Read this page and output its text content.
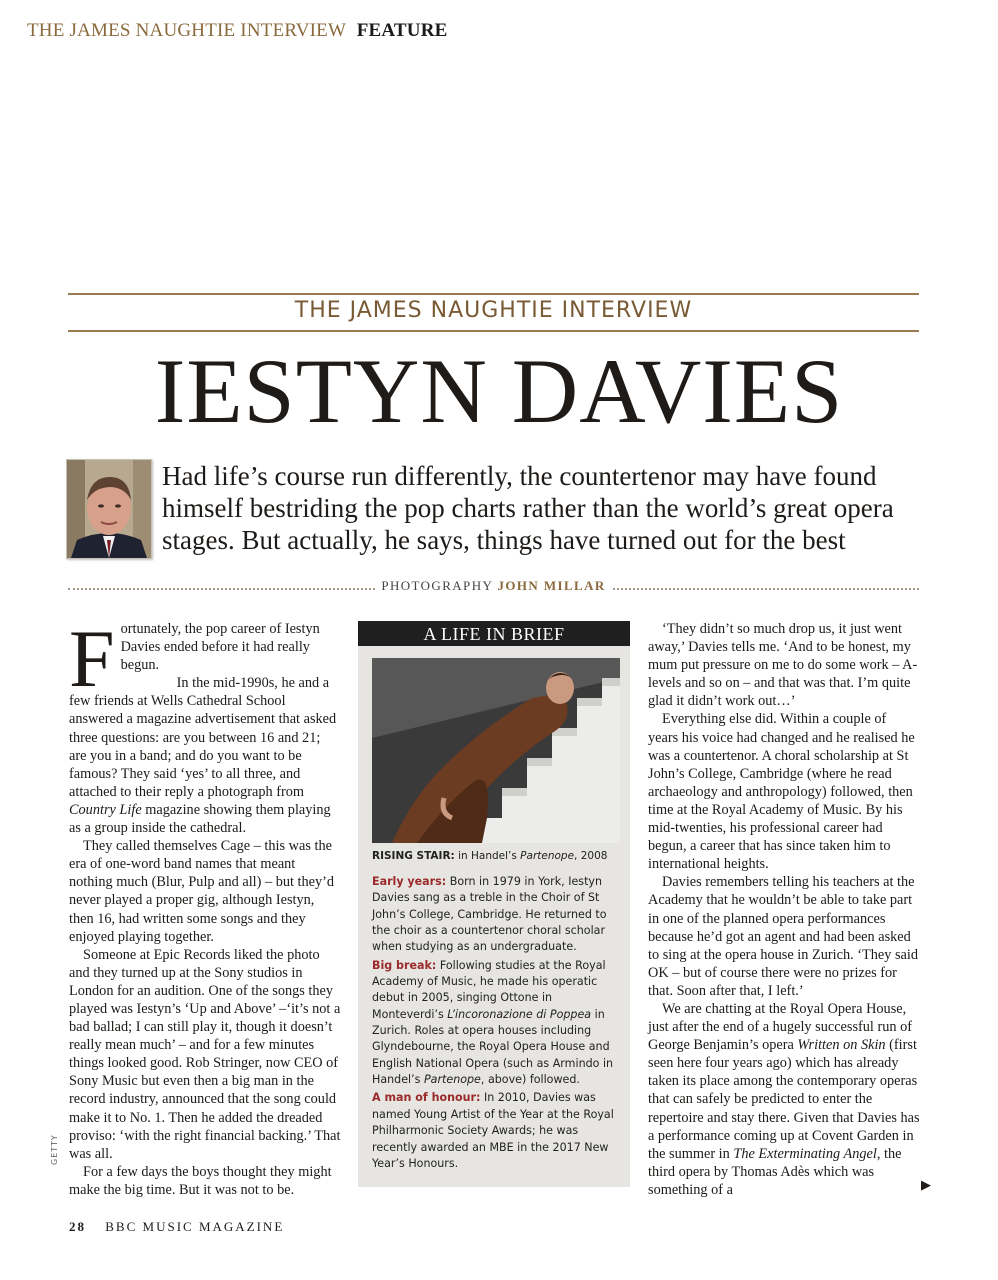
THE JAMES NAUGHTIE INTERVIEW FEATURE
THE JAMES NAUGHTIE INTERVIEW
IESTYN DAVIES
Had life’s course run differently, the countertenor may have found himself bestriding the pop charts rather than the world’s great opera stages. But actually, he says, things have turned out for the best
PHOTOGRAPHY JOHN MILLAR

Fortunately, the pop career of Iestyn Davies ended before it had really begun.

In the mid-1990s, he and a few friends at Wells Cathedral School answered a magazine advertisement that asked three questions: are you between 16 and 21; are you in a band; and do you want to be famous? They said ‘yes’ to all three, and attached to their reply a photograph from Country Life magazine showing them playing as a group inside the cathedral.

They called themselves Cage – this was the era of one-word band names that meant nothing much (Blur, Pulp and all) – but they’d never played a proper gig, although Iestyn, then 16, had written some songs and they enjoyed playing together.

Someone at Epic Records liked the photo and they turned up at the Sony studios in London for an audition. One of the songs they played was Iestyn’s ‘Up and Above’ –‘it’s not a bad ballad; I can still play it, though it doesn’t really mean much’ – and for a few minutes things looked good. Rob Stringer, now CEO of Sony Music but even then a big man in the record industry, announced that the song could make it to No. 1. Then he added the dreaded proviso: ‘with the right financial backing.’ That was all.

For a few days the boys thought they might make the big time. But it was not to be.

A LIFE IN BRIEF
RISING STAIR: in Handel’s Partenope, 2008

Early years: Born in 1979 in York, Iestyn Davies sang as a treble in the Choir of St John’s College, Cambridge. He returned to the choir as a countertenor choral scholar when studying as an undergraduate.

Big break: Following studies at the Royal Academy of Music, he made his operatic debut in 2005, singing Ottone in Monteverdi’s L’incoronazione di Poppea in Zurich. Roles at opera houses including Glyndebourne, the Royal Opera House and English National Opera (such as Armindo in Handel’s Partenope, above) followed.

A man of honour: In 2010, Davies was named Young Artist of the Year at the Royal Philharmonic Society Awards; he was recently awarded an MBE in the 2017 New Year’s Honours.

‘They didn’t so much drop us, it just went away,’ Davies tells me. ‘And to be honest, my mum put pressure on me to do some work – A-levels and so on – and that was that. I’m quite glad it didn’t work out…’

Everything else did. Within a couple of years his voice had changed and he realised he was a countertenor. A choral scholarship at St John’s College, Cambridge (where he read archaeology and anthropology) followed, then time at the Royal Academy of Music. By his mid-twenties, his professional career had begun, a career that has since taken him to international heights.

Davies remembers telling his teachers at the Academy that he wouldn’t be able to take part in one of the planned opera performances because he’d got an agent and had been asked to sing at the opera house in Zurich. ‘They said OK – but of course there were no prizes for that. Soon after that, I left.’

We are chatting at the Royal Opera House, just after the end of a hugely successful run of George Benjamin’s opera Written on Skin (first seen here four years ago) which has already taken its place among the contemporary operas that can safely be predicted to enter the repertoire and stay there. Given that Davies has a performance coming up at Covent Garden in the summer in The Exterminating Angel, the third opera by Thomas Adès which was something of a

GETTY
▶
28 BBC MUSIC MAGAZINE
